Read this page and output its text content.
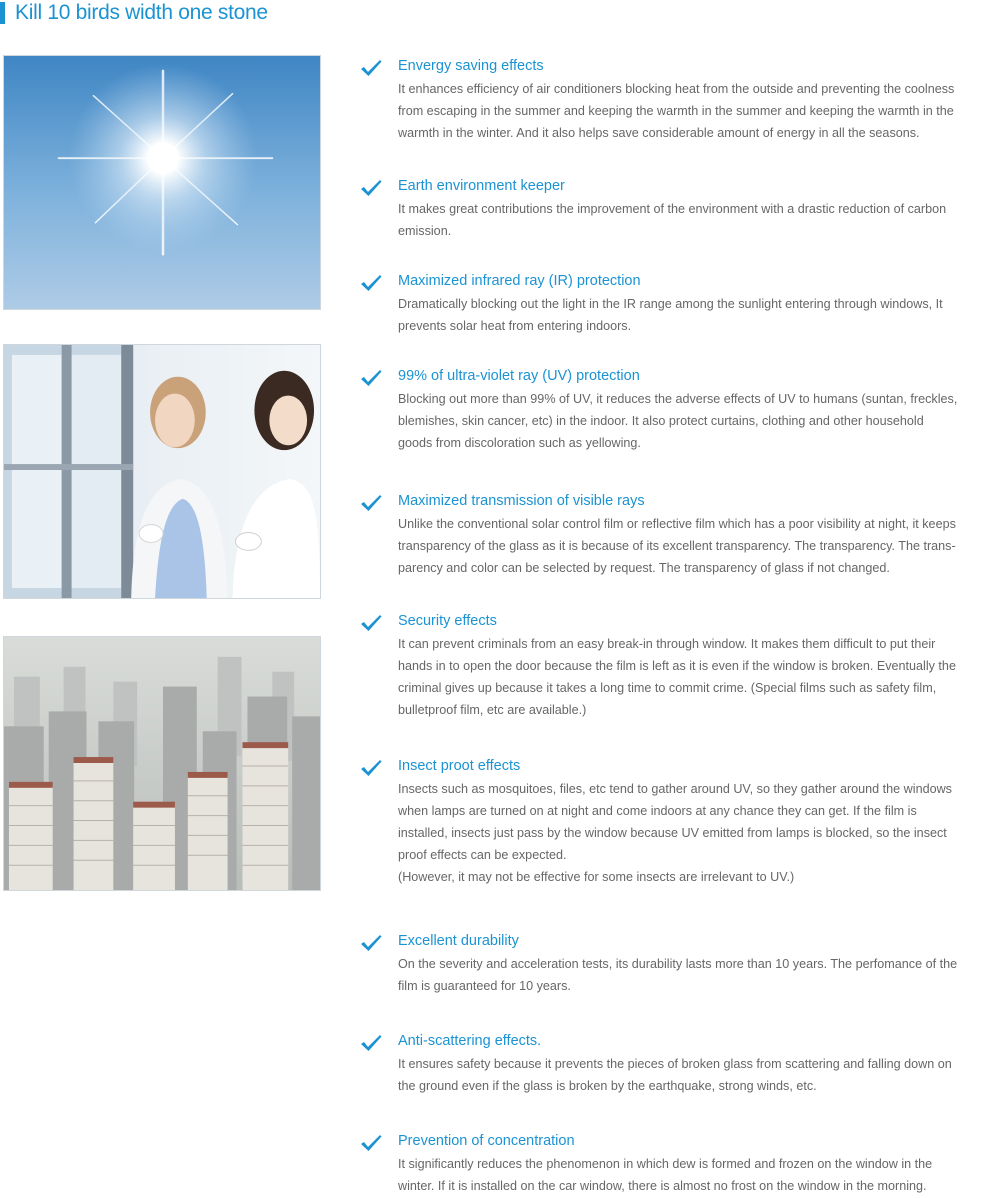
Kill 10 birds width one stone
Envergy saving effects
It enhances efficiency of air conditioners blocking heat from the outside and preventing the coolness
from escaping in the summer and keeping the warmth in the summer and keeping the warmth in the
warmth in the winter. And it also helps save considerable amount of energy in all the seasons.
Earth environment keeper
It makes great contributions the improvement of the environment with a drastic reduction of carbon
emission.
Maximized infrared ray (IR) protection
Dramatically blocking out the light in the IR range among the sunlight entering through windows, It
prevents solar heat from entering indoors.
99% of ultra-violet ray (UV) protection
Blocking out more than 99% of UV, it reduces the adverse effects of UV to humans (suntan, freckles,
blemishes, skin cancer, etc) in the indoor. It also protect curtains, clothing and other household
goods from discoloration such as yellowing.
Maximized transmission of visible rays
Unlike the conventional solar control film or reflective film which has a poor visibility at night, it keeps
transparency of the glass as it is because of its excellent transparency. The transparency. The trans-
parency and color can be selected by request. The transparency of glass if not changed.
Security effects
It can prevent criminals from an easy break-in through window. It makes them difficult to put their
hands in to open the door because the film is left as it is even if the window is broken. Eventually the
criminal gives up because it takes a long time to commit crime. (Special films such as safety film,
bulletproof film, etc are available.)
Insect proot effects
Insects such as mosquitoes, files, etc tend to gather around UV, so they gather around the windows
when lamps are turned on at night and come indoors at any chance they can get. If the film is
installed, insects just pass by the window because UV emitted from lamps is blocked, so the insect
proof effects can be expected.
(However, it may not be effective for some insects are irrelevant to UV.)
Excellent durability
On the severity and acceleration tests, its durability lasts more than 10 years. The perfomance of the
film is guaranteed for 10 years.
Anti-scattering effects.
It ensures safety because it prevents the pieces of broken glass from scattering and falling down on
the ground even if the glass is broken by the earthquake, strong winds, etc.
Prevention of concentration
It significantly reduces the phenomenon in which dew is formed and frozen on the window in the
winter. If it is installed on the car window, there is almost no frost on the window in the morning.
